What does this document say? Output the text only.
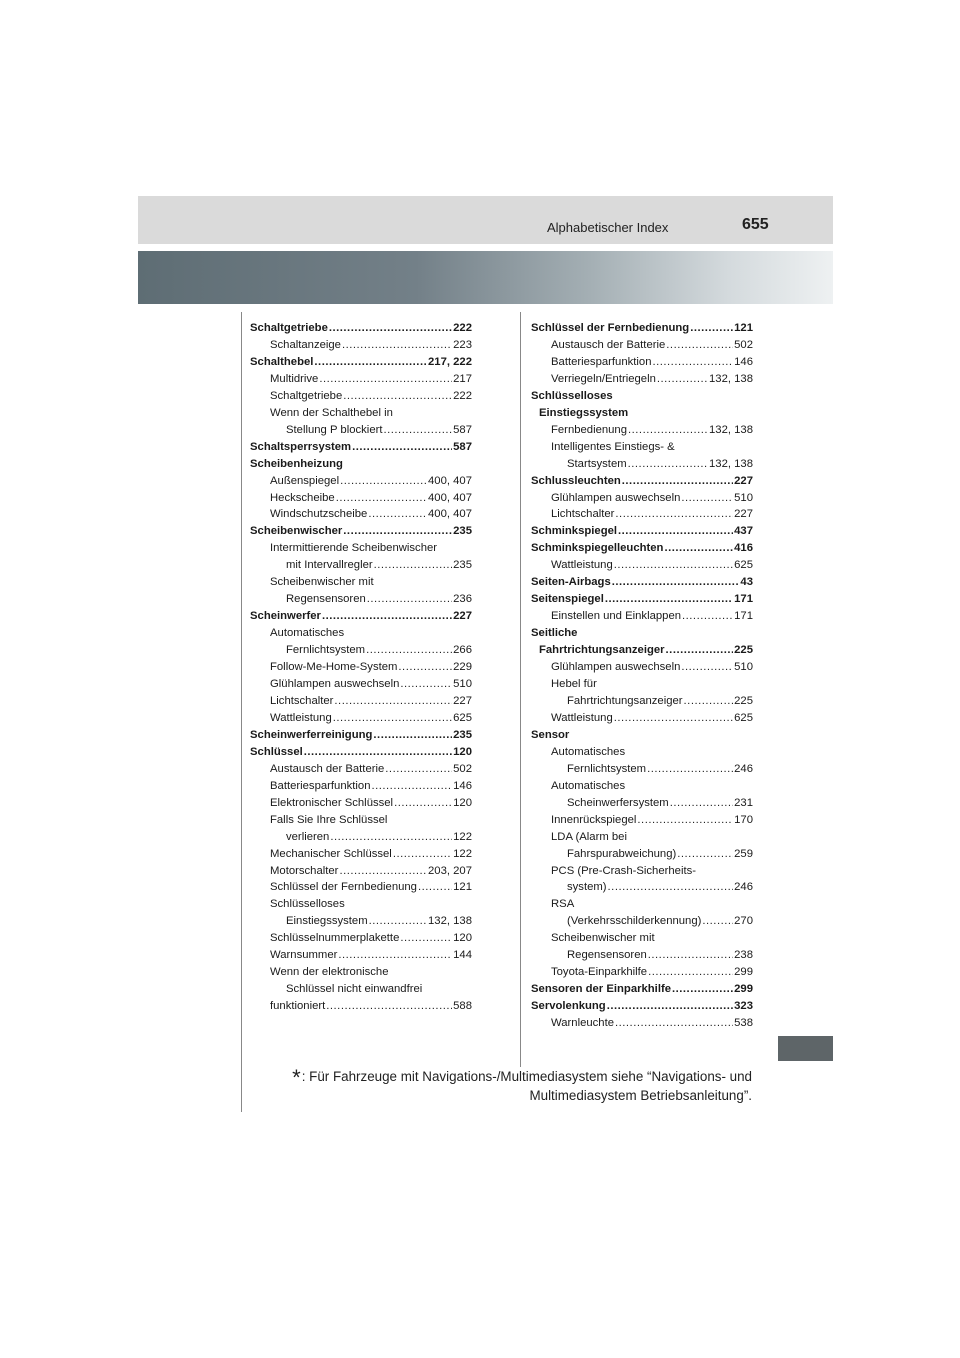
Alphabetischer Index	655
Schaltgetriebe .....	222
Schaltanzeige .....	223
Schalthebel .....	217, 222
Multidrive .....	217
Schaltgetriebe .....	222
Wenn der Schalthebel in
Stellung P blockiert .....	587
Schaltsperrsystem .....	587
Scheibenheizung
Außenspiegel .....	400, 407
Heckscheibe .....	400, 407
Windschutzscheibe .....	400, 407
Scheibenwischer .....	235
Intermittierende Scheibenwischer
mit Intervallregler .....	235
Scheibenwischer mit
Regensensoren .....	236
Scheinwerfer .....	227
Automatisches
Fernlichtsystem .....	266
Follow-Me-Home-System .....	229
Glühlampen auswechseln .....	510
Lichtschalter .....	227
Wattleistung .....	625
Scheinwerferreinigung .....	235
Schlüssel .....	120
Austausch der Batterie .....	502
Batteriesparfunktion .....	146
Elektronischer Schlüssel .....	120
Falls Sie Ihre Schlüssel
verlieren .....	122
Mechanischer Schlüssel .....	122
Motorschalter .....	203, 207
Schlüssel der Fernbedienung .....	121
Schlüsselloses
Einstiegssystem .....	132, 138
Schlüsselnummerplakette .....	120
Warnsummer .....	144
Wenn der elektronische
Schlüssel nicht einwandfrei
funktioniert .....	588
Schlüssel der Fernbedienung .....	121
Austausch der Batterie .....	502
Batteriesparfunktion .....	146
Verriegeln/Entriegeln .....	132, 138
Schlüsselloses
Einstiegssystem
Fernbedienung .....	132, 138
Intelligentes Einstiegs- &
Startsystem .....	132, 138
Schlussleuchten .....	227
Glühlampen auswechseln .....	510
Lichtschalter .....	227
Schminkspiegel .....	437
Schminkspiegelleuchten .....	416
Wattleistung .....	625
Seiten-Airbags .....	43
Seitenspiegel .....	171
Einstellen und Einklappen .....	171
Seitliche
Fahrtrichtungsanzeiger .....	225
Glühlampen auswechseln .....	510
Hebel für
Fahrtrichtungsanzeiger .....	225
Wattleistung .....	625
Sensor
Automatisches
Fernlichtsystem .....	246
Automatisches
Scheinwerfersystem .....	231
Innenrückspiegel .....	170
LDA (Alarm bei
Fahrspurabweichung) .....	259
PCS (Pre-Crash-Sicherheits-
system) .....	246
RSA
(Verkehrsschilderkennung) .....	270
Scheibenwischer mit
Regensensoren .....	238
Toyota-Einparkhilfe .....	299
Sensoren der Einparkhilfe .....	299
Servolenkung .....	323
Warnleuchte .....	538
*: Für Fahrzeuge mit Navigations-/Multimediasystem siehe “Navigations- und
Multimediasystem Betriebsanleitung”.
